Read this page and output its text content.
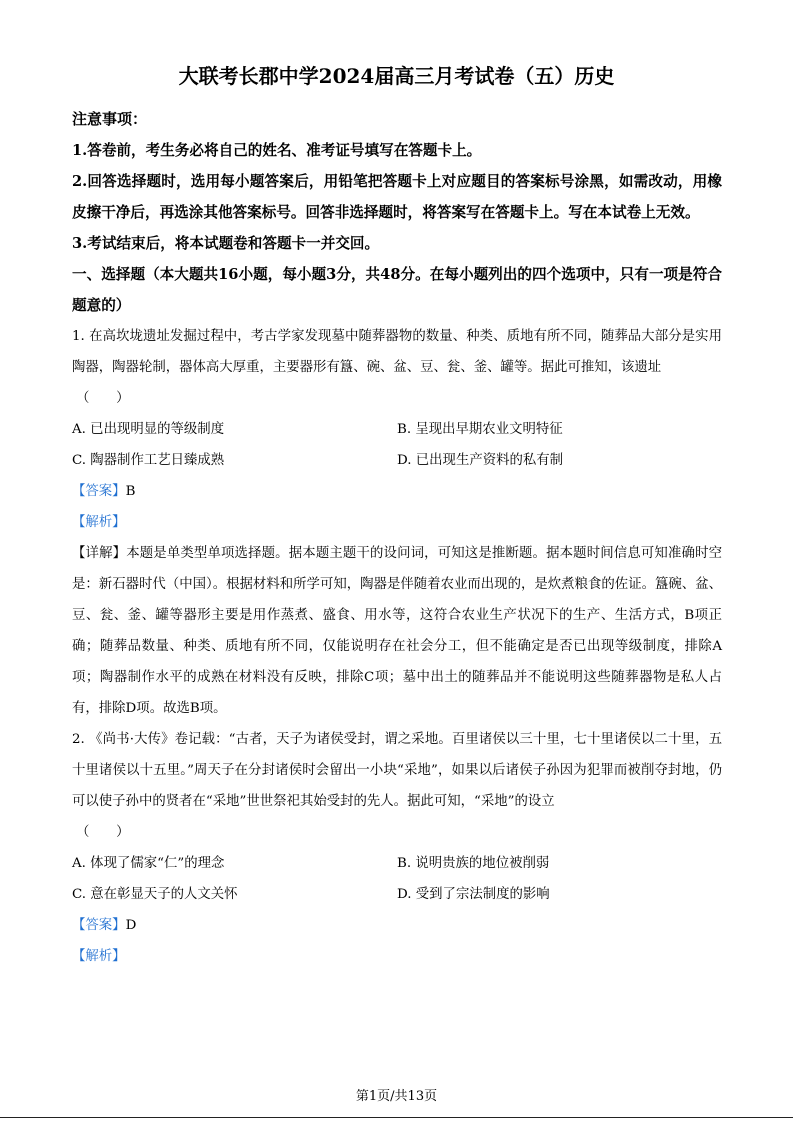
大联考长郡中学2024届高三月考试卷（五）历史
注意事项：

1.答卷前，考生务必将自己的姓名、准考证号填写在答题卡上。

2.回答选择题时，选用每小题答案后，用铅笔把答题卡上对应题目的答案标号涂黑，如需改动，用橡皮擦干净后，再选涂其他答案标号。回答非选择题时，将答案写在答题卡上。写在本试卷上无效。

3.考试结束后，将本试题卷和答题卡一并交回。

一、选择题（本大题共16小题，每小题3分，共48分。在每小题列出的四个选项中，只有一项是符合题意的）

1. 在高坎垅遗址发掘过程中，考古学家发现墓中随葬器物的数量、种类、质地有所不同，随葬品大部分是实用陶器，陶器轮制，器体高大厚重，主要器形有簋、碗、盆、豆、瓮、釜、罐等。据此可推知，该遗址

（　　）
A. 已出现明显的等级制度	B. 呈现出早期农业文明特征
C. 陶器制作工艺日臻成熟	D. 已出现生产资料的私有制
【答案】B
【解析】

【详解】本题是单类型单项选择题。据本题主题干的设问词，可知这是推断题。据本题时间信息可知准确时空是：新石器时代（中国）。根据材料和所学可知，陶器是伴随着农业而出现的，是炊煮粮食的佐证。簋碗、盆、豆、瓮、釜、罐等器形主要是用作蒸煮、盛食、用水等，这符合农业生产状况下的生产、生活方式，B项正确；随葬品数量、种类、质地有所不同，仅能说明存在社会分工，但不能确定是否已出现等级制度，排除A项；陶器制作水平的成熟在材料没有反映，排除C项；墓中出土的随葬品并不能说明这些随葬器物是私人占有，排除D项。故选B项。

2. 《尚书·大传》卷记载：“古者，天子为诸侯受封，谓之采地。百里诸侯以三十里，七十里诸侯以二十里，五十里诸侯以十五里。”周天子在分封诸侯时会留出一小块“采地”，如果以后诸侯子孙因为犯罪而被削夺封地，仍可以使子孙中的贤者在“采地”世世祭祀其始受封的先人。据此可知，“采地”的设立

（　　）
A. 体现了儒家“仁”的理念	B. 说明贵族的地位被削弱
C. 意在彰显天子的人文关怀	D. 受到了宗法制度的影响
【答案】D
【解析】
第1页/共13页
